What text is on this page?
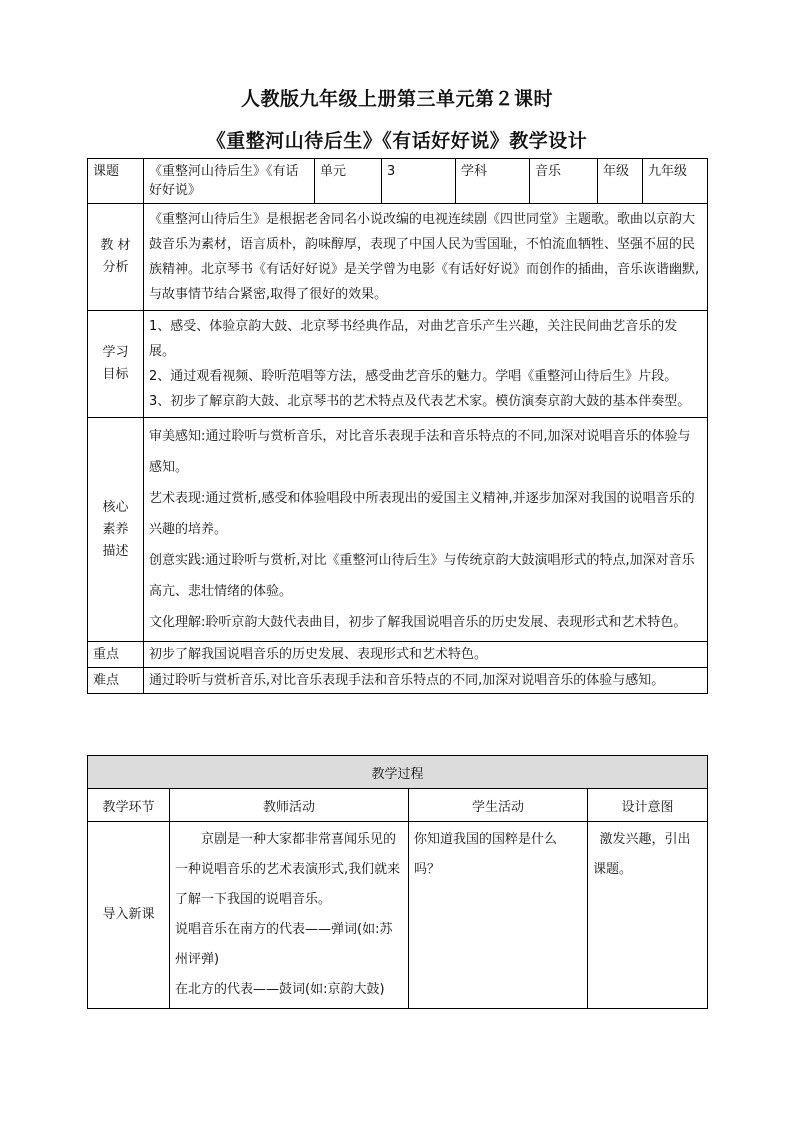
人教版九年级上册第三单元第２课时
《重整河山待后生》《有话好好说》教学设计
课题	《重整河山待后生》《有话好好说》	单元	3	学科	音乐	年级	九年级
教 材
分析	《重整河山待后生》是根据老舍同名小说改编的电视连续剧《四世同堂》主题歌。歌曲以京韵大鼓音乐为素材，语言质朴，韵味醇厚，表现了中国人民为雪国耻，不怕流血牺牲、坚强不屈的民族精神。北京琴书《有话好好说》是关学曾为电影《有话好好说》而创作的插曲，音乐诙谐幽默,与故事情节结合紧密,取得了很好的效果。						
学习
目标	1、感受、体验京韵大鼓、北京琴书经典作品，对曲艺音乐产生兴趣，关注民间曲艺音乐的发展。
2、通过观看视频、聆听范唱等方法，感受曲艺音乐的魅力。学唱《重整河山待后生》片段。
3、初步了解京韵大鼓、北京琴书的艺术特点及代表艺术家。模仿演奏京韵大鼓的基本伴奏型。						

核心
素养
描述	审美感知:通过聆听与赏析音乐，对比音乐表现手法和音乐特点的不同,加深对说唱音乐的体验与感知。
艺术表现:通过赏析,感受和体验唱段中所表现出的爱国主义精神,并逐步加深对我国的说唱音乐的兴趣的培养。
创意实践:通过聆听与赏析,对比《重整河山待后生》与传统京韵大鼓演唱形式的特点,加深对音乐高亢、悲壮情绪的体验。
文化理解:聆听京韵大鼓代表曲目，初步了解我国说唱音乐的历史发展、表现形式和艺术特色。						

重点	初步了解我国说唱音乐的历史发展、表现形式和艺术特色。						
难点	通过聆听与赏析音乐,对比音乐表现手法和音乐特点的不同,加深对说唱音乐的体验与感知。						
教学过程			
教学环节	教师活动	学生活动	设计意图
导入新课	京剧是一种大家都非常喜闻乐见的一种说唱音乐的艺术表演形式,我们就来了解一下我国的说唱音乐。
说唱音乐在南方的代表——弹词(如:苏州评弹)
在北方的代表——鼓词(如:京韵大鼓)	你知道我国的国粹是什么吗？	激发兴趣，引出课题。
